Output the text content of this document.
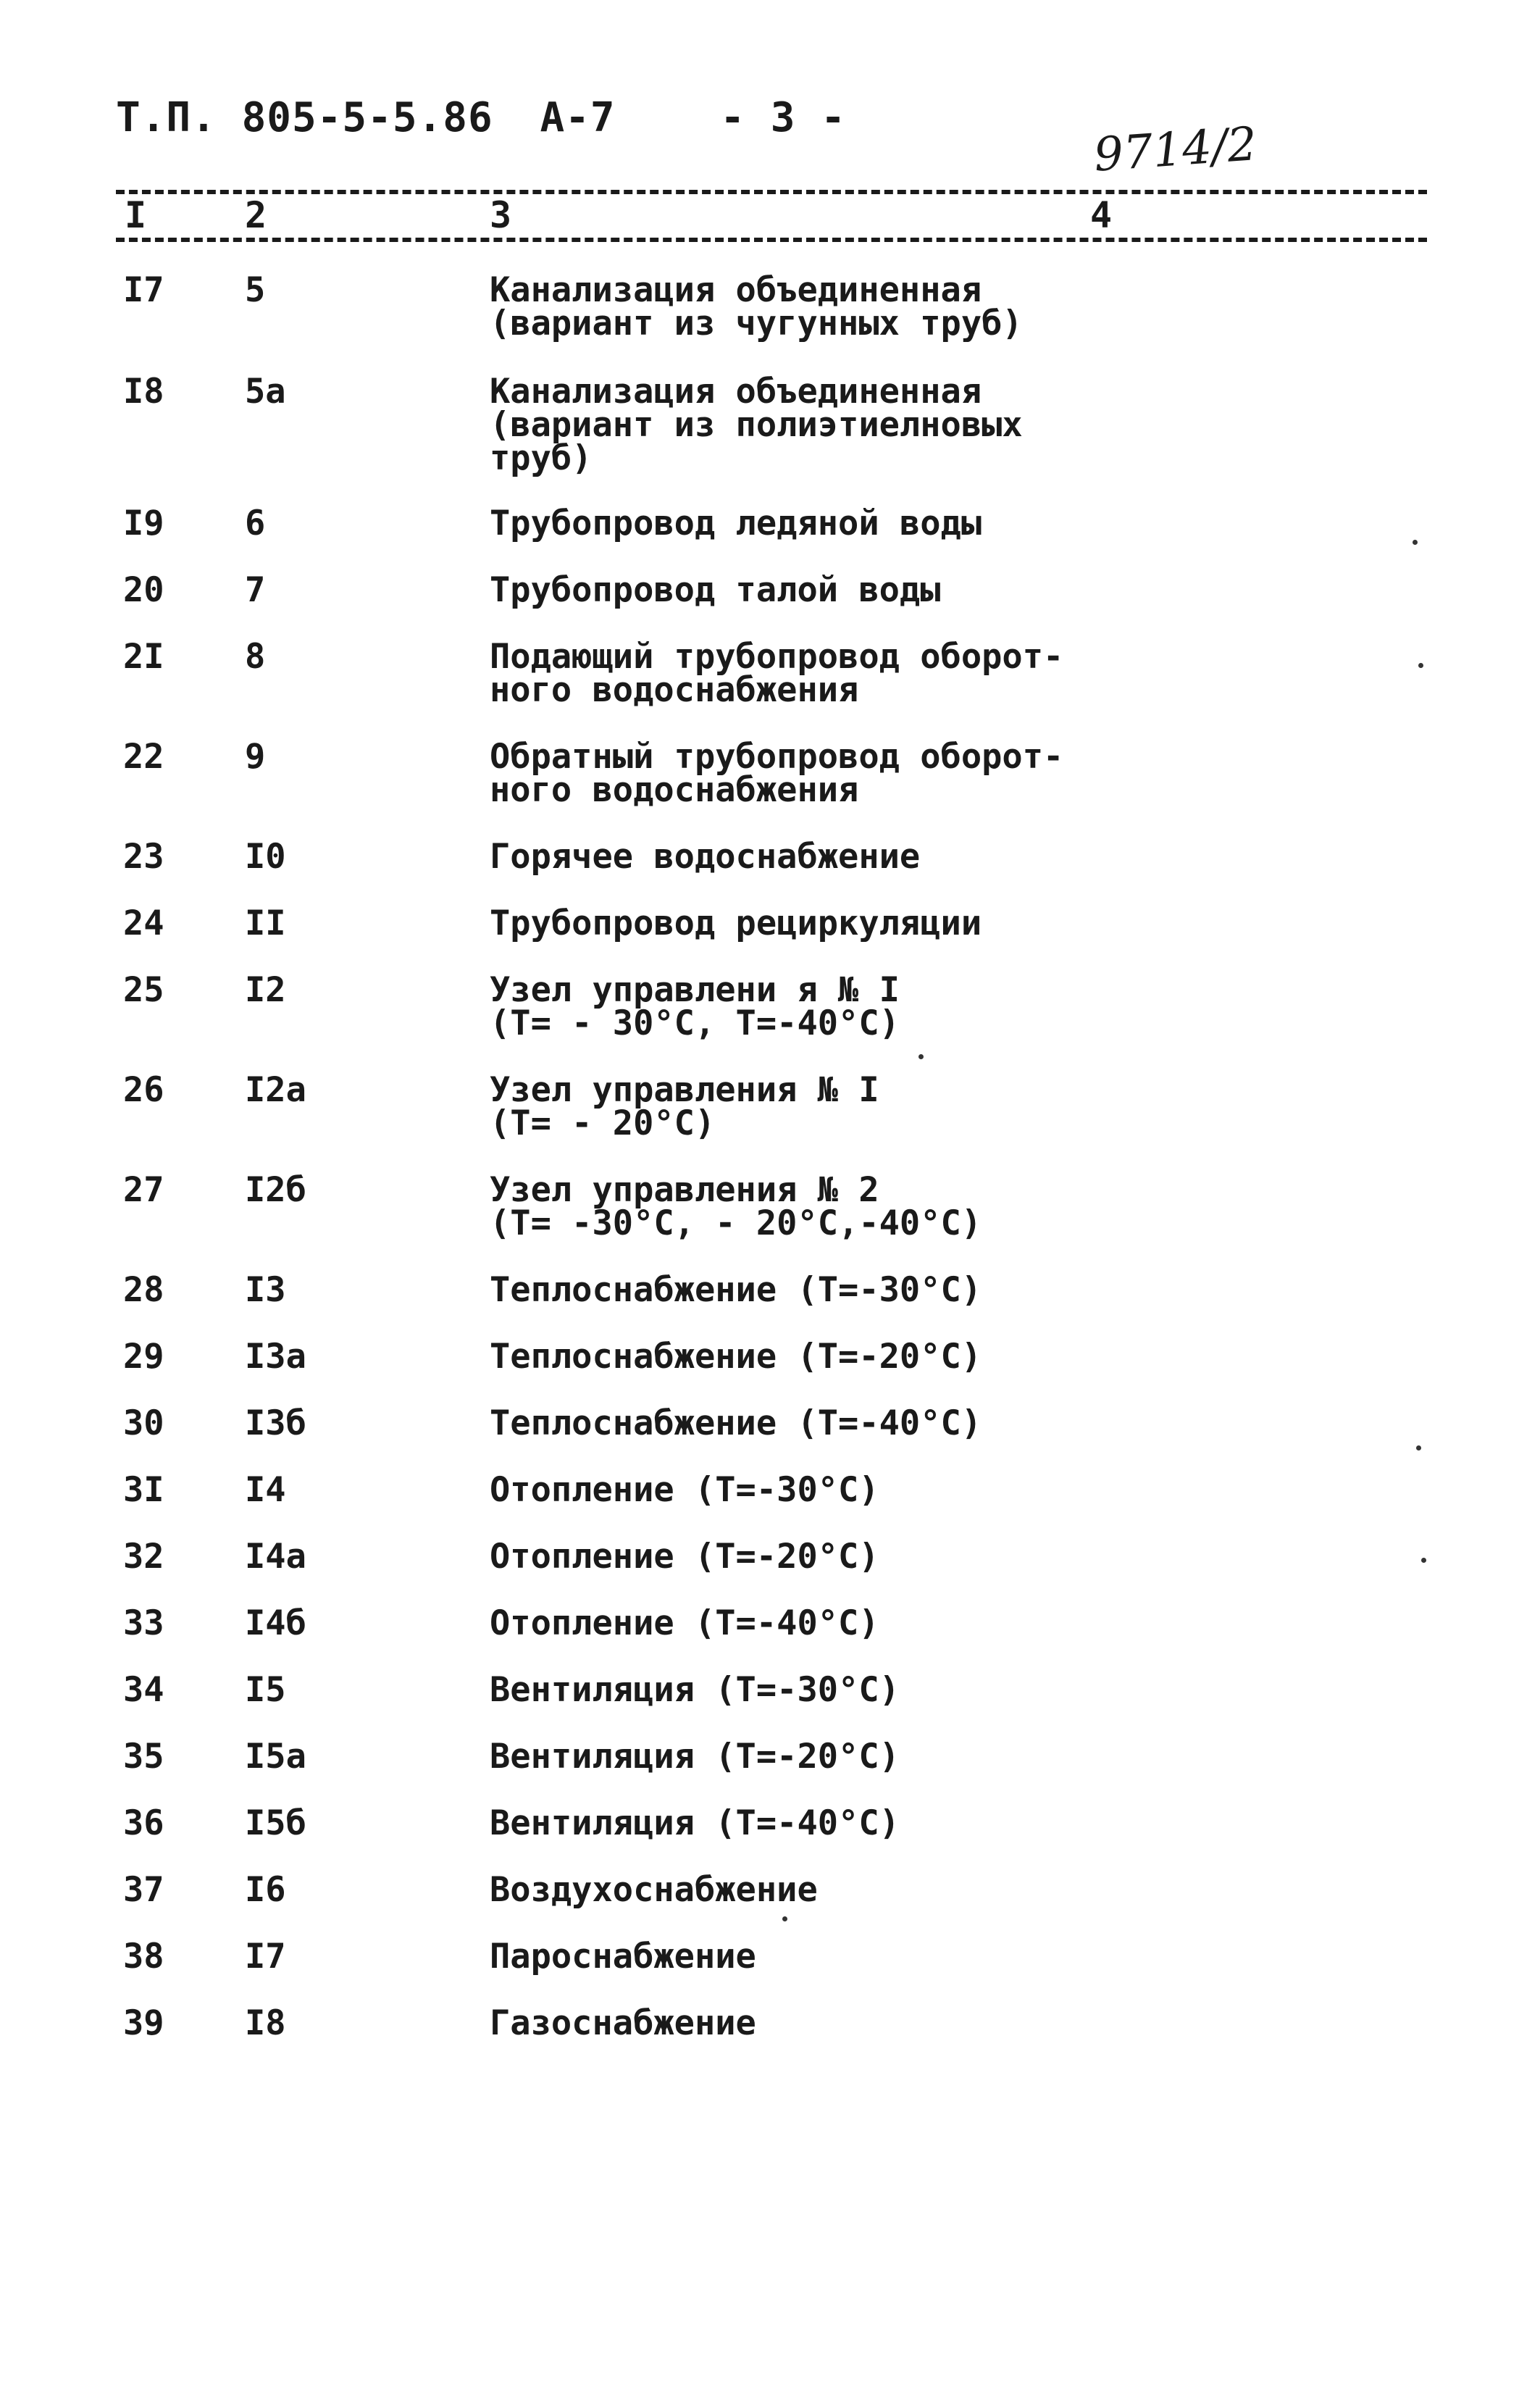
Т.П. 805-5-5.86 А-7	- 3 -	9714/2
I	2	3	4
I7 5	Канализация объединенная
(вариант из чугунных труб)
I8 5а	Канализация объединенная
(вариант из полиэтиелновых
труб)
I9 6	Трубопровод ледяной воды
20 7	Трубопровод талой воды
2I 8	Подающий трубопровод оборот-
ного водоснабжения
22 9	Обратный трубопровод оборот-
ного водоснабжения
23 I0	Горячее водоснабжение
24 II	Трубопровод рециркуляции
25 I2	Узел управлени я № I
(Т= - 30°С, Т=-40°С)
26 I2а	Узел управления № I
(Т= - 20°С)
27 I2б	Узел управления № 2
(Т= -30°С, - 20°С,-40°С)
28 I3	Теплоснабжение (Т=-30°С)
29 I3а	Теплоснабжение (Т=-20°С)
30 I3б	Теплоснабжение (Т=-40°С)
3I I4	Отопление (Т=-30°С)
32 I4а	Отопление (Т=-20°С)
33 I4б	Отопление (Т=-40°С)
34 I5	Вентиляция (Т=-30°С)
35 I5а	Вентиляция (Т=-20°С)
36 I5б	Вентиляция (Т=-40°С)
37 I6	Воздухоснабжение
38 I7	Пароснабжение
39 I8	Газоснабжение
